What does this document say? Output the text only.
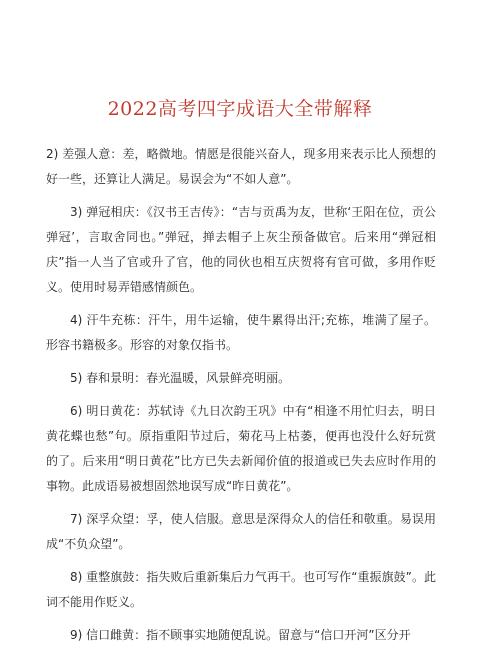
2022高考四字成语大全带解释

2) 差强人意：差，略微地。情愿是很能兴奋人，现多用来表示比人预想的好一些，还算让人满足。易误会为“不如人意”。

3) 弹冠相庆：《汉书王吉传》：“吉与贡禹为友，世称‘王阳在位，贡公弹冠’，言取舍同也。”弹冠，掸去帽子上灰尘预备做官。后来用“弹冠相庆”指一人当了官或升了官，他的同伙也相互庆贺将有官可做，多用作贬义。使用时易弄错感情颜色。

4) 汗牛充栋：汗牛，用牛运输，使牛累得出汗;充栋，堆满了屋子。形容书籍极多。形容的对象仅指书。

5) 春和景明：春光温暖，风景鲜亮明丽。

6) 明日黄花：苏轼诗《九日次韵王巩》中有“相逢不用忙归去，明日黄花蝶也愁”句。原指重阳节过后，菊花马上枯萎，便再也没什么好玩赏的了。后来用“明日黄花”比方已失去新闻价值的报道或已失去应时作用的事物。此成语易被想固然地误写成“昨日黄花”。

7) 深孚众望：孚，使人信服。意思是深得众人的信任和敬重。易误用成“不负众望”。

8) 重整旗鼓：指失败后重新集后力气再干。也可写作“重振旗鼓”。此词不能用作贬义。

9) 信口雌黄：指不顾事实地随便乱说。留意与“信口开河”区分开
